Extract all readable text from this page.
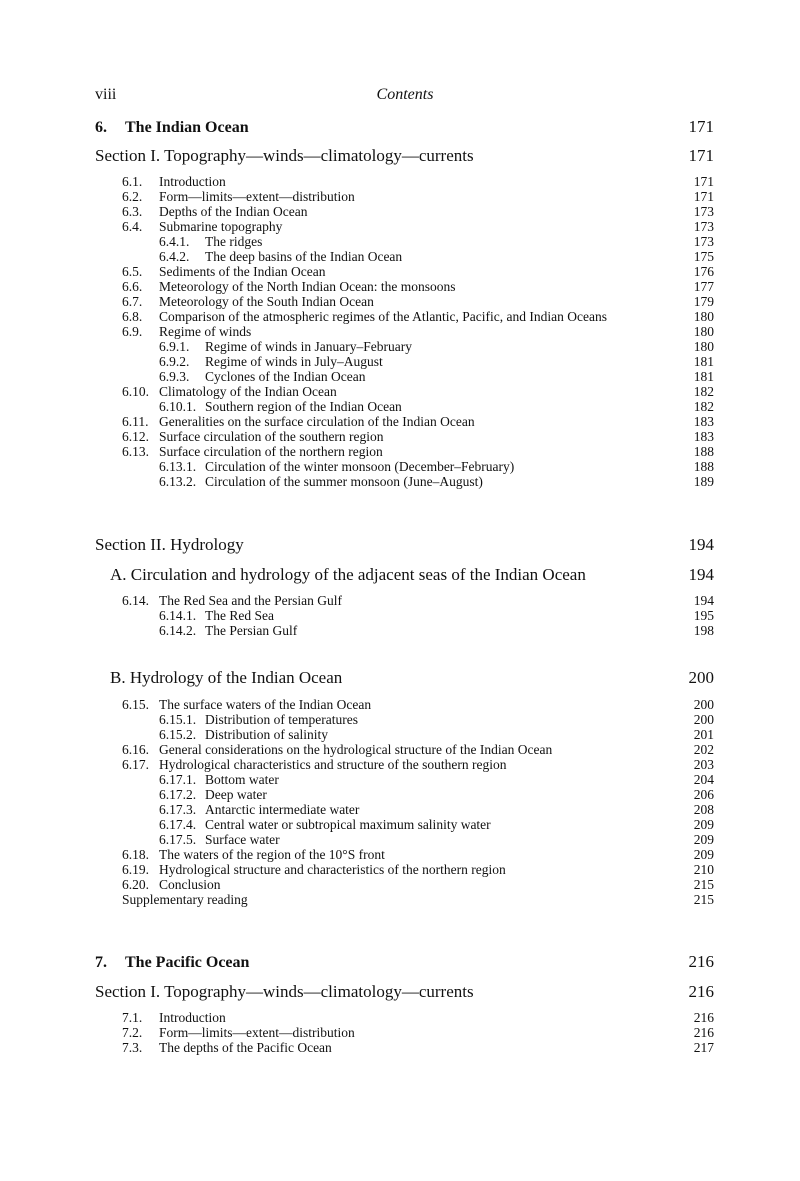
viii	Contents
6.	The Indian Ocean	171
Section I. Topography—winds—climatology—currents	171
6.1.	Introduction	171
6.2.	Form—limits—extent—distribution	171
6.3.	Depths of the Indian Ocean	173
6.4.	Submarine topography	173
6.4.1.	The ridges	173
6.4.2.	The deep basins of the Indian Ocean	175
6.5.	Sediments of the Indian Ocean	176
6.6.	Meteorology of the North Indian Ocean: the monsoons	177
6.7.	Meteorology of the South Indian Ocean	179
6.8.	Comparison of the atmospheric regimes of the Atlantic, Pacific, and Indian Oceans	180
6.9.	Regime of winds	180
6.9.1.	Regime of winds in January–February	180
6.9.2.	Regime of winds in July–August	181
6.9.3.	Cyclones of the Indian Ocean	181
6.10. Climatology of the Indian Ocean	182
6.10.1. Southern region of the Indian Ocean	182
6.11. Generalities on the surface circulation of the Indian Ocean	183
6.12. Surface circulation of the southern region	183
6.13. Surface circulation of the northern region	188
6.13.1. Circulation of the winter monsoon (December–February)	188
6.13.2. Circulation of the summer monsoon (June–August)	189
Section II. Hydrology	194
A. Circulation and hydrology of the adjacent seas of the Indian Ocean	194
6.14. The Red Sea and the Persian Gulf	194
6.14.1. The Red Sea	195
6.14.2. The Persian Gulf	198
B. Hydrology of the Indian Ocean	200
6.15. The surface waters of the Indian Ocean	200
6.15.1. Distribution of temperatures	200
6.15.2. Distribution of salinity	201
6.16. General considerations on the hydrological structure of the Indian Ocean	202
6.17. Hydrological characteristics and structure of the southern region	203
6.17.1. Bottom water	204
6.17.2. Deep water	206
6.17.3. Antarctic intermediate water	208
6.17.4. Central water or subtropical maximum salinity water	209
6.17.5. Surface water	209
6.18. The waters of the region of the 10°S front	209
6.19. Hydrological structure and characteristics of the northern region	210
6.20. Conclusion	215
Supplementary reading	215
7.	The Pacific Ocean	216
Section I. Topography—winds—climatology—currents	216
7.1.	Introduction	216
7.2.	Form—limits—extent—distribution	216
7.3.	The depths of the Pacific Ocean	217
